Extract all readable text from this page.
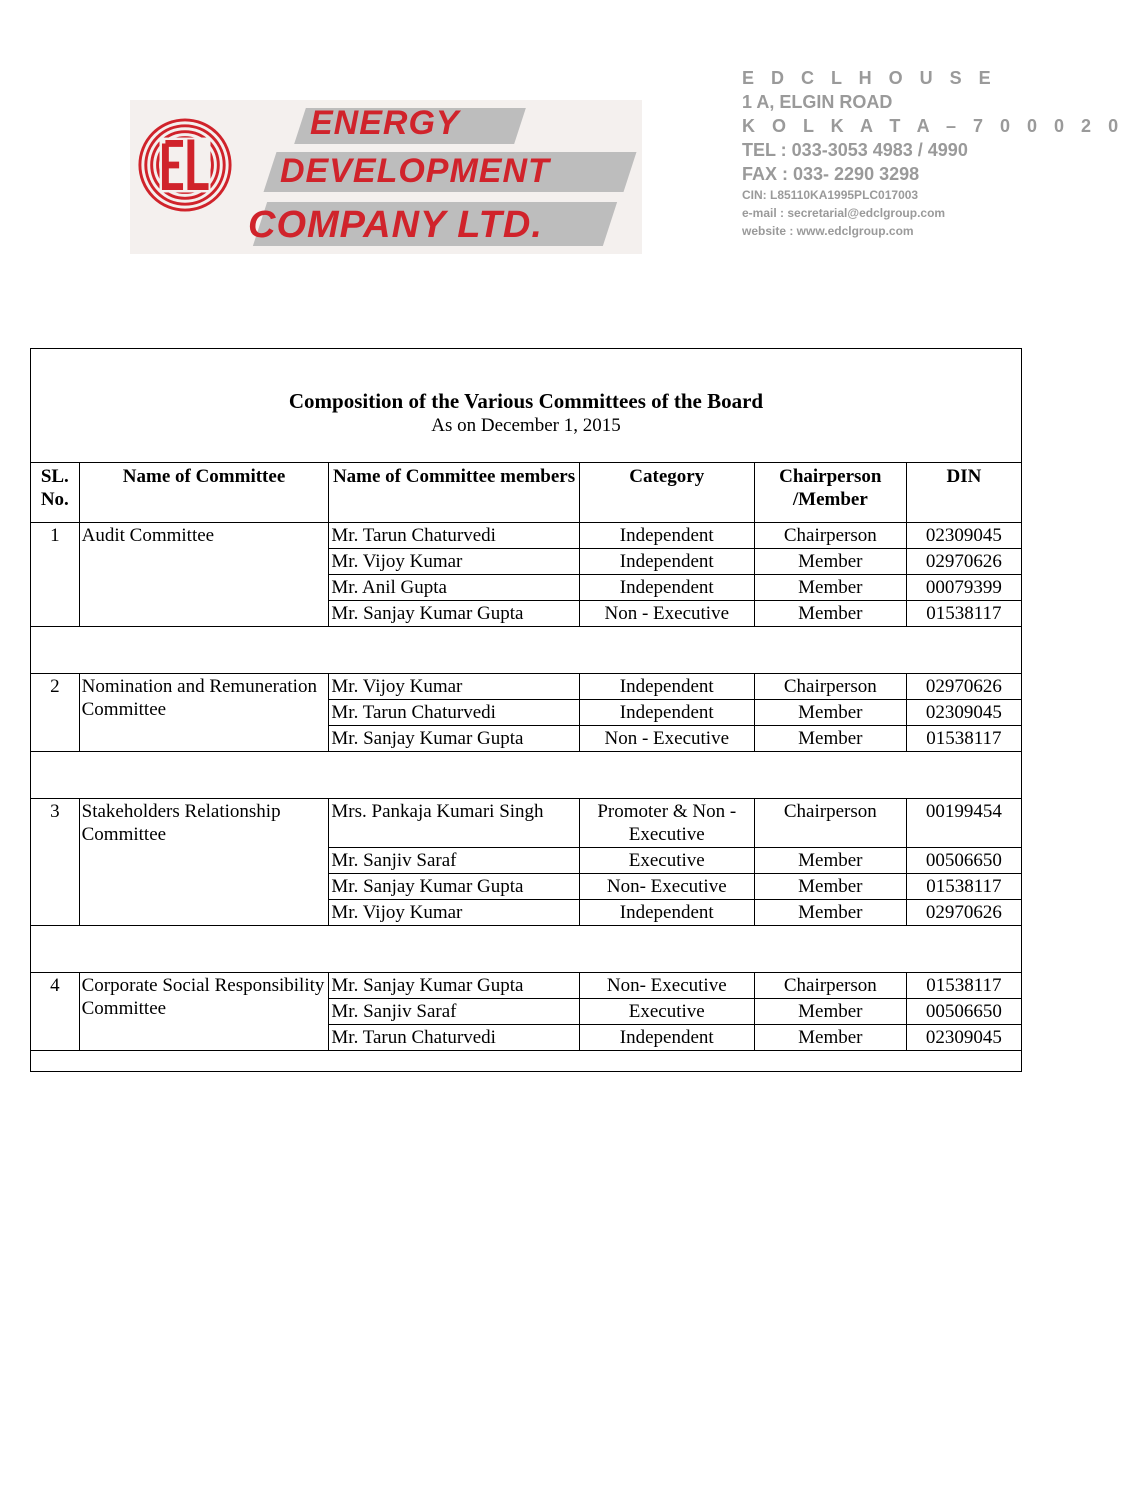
ENERGY
DEVELOPMENT
COMPANY LTD.
E D C L H O U S E
1 A, ELGIN ROAD
K O L K A T A – 7 0 0 0 2 0
TEL : 033-3053 4983 / 4990
FAX : 033- 2290 3298
CIN: L85110KA1995PLC017003
e-mail : secretarial@edclgroup.com
website : www.edclgroup.com
Composition of the Various Committees of the Board
As on December 1, 2015
SL. No.	Name of Committee	Name of Committee members	Category	Chairperson /Member	DIN
1	Audit Committee	Mr. Tarun Chaturvedi	Independent	Chairperson	02309045
		Mr. Vijoy Kumar	Independent	Member	02970626
		Mr. Anil Gupta	Independent	Member	00079399
		Mr. Sanjay Kumar Gupta	Non - Executive	Member	01538117

2	Nomination and Remuneration Committee	Mr. Vijoy Kumar	Independent	Chairperson	02970626
		Mr. Tarun Chaturvedi	Independent	Member	02309045
		Mr. Sanjay Kumar Gupta	Non - Executive	Member	01538117

3	Stakeholders Relationship Committee	Mrs. Pankaja Kumari Singh	Promoter & Non - Executive	Chairperson	00199454
		Mr. Sanjiv Saraf	Executive	Member	00506650
		Mr. Sanjay Kumar Gupta	Non- Executive	Member	01538117
		Mr. Vijoy Kumar	Independent	Member	02970626

4	Corporate Social Responsibility Committee	Mr. Sanjay Kumar Gupta	Non- Executive	Chairperson	01538117
		Mr. Sanjiv Saraf	Executive	Member	00506650
		Mr. Tarun Chaturvedi	Independent	Member	02309045
